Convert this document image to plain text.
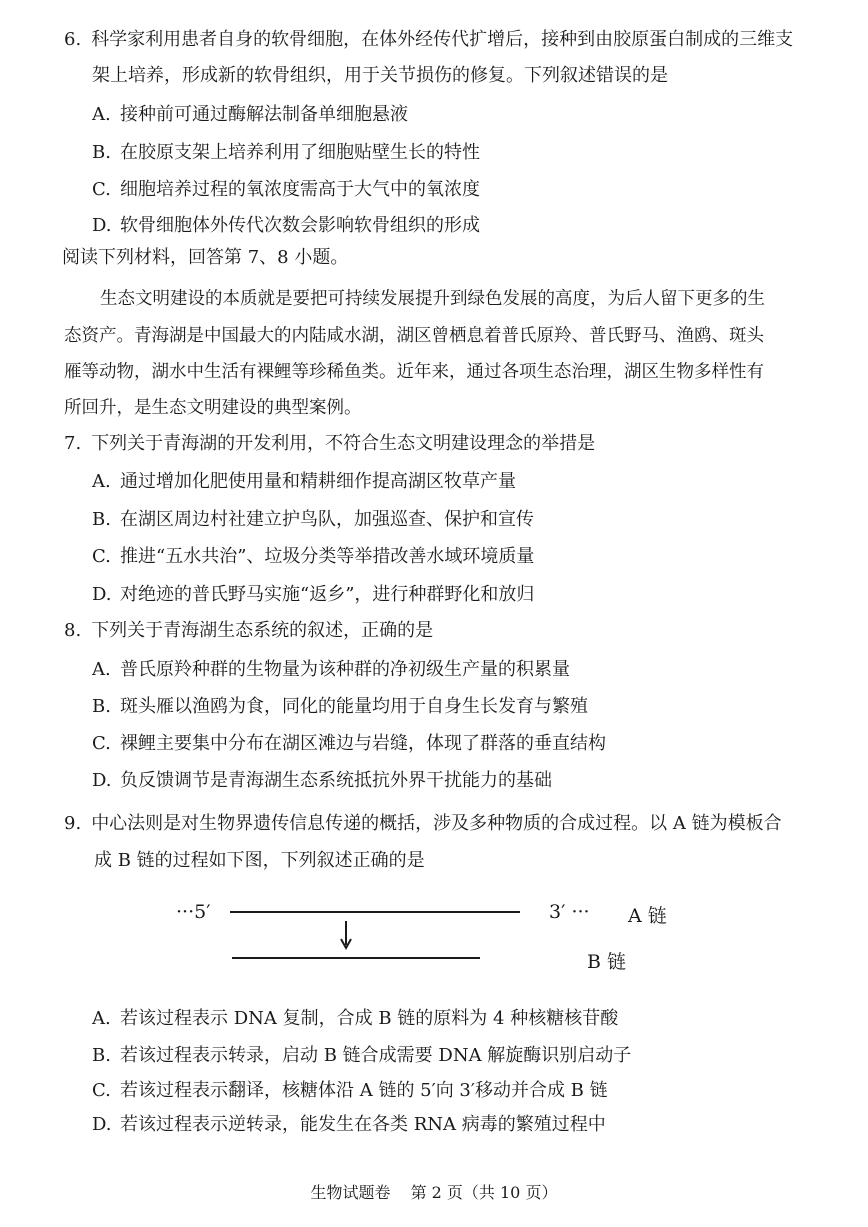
6. 科学家利用患者自身的软骨细胞，在体外经传代扩增后，接种到由胶原蛋白制成的三维支
架上培养，形成新的软骨组织，用于关节损伤的修复。下列叙述错误的是
A. 接种前可通过酶解法制备单细胞悬液
B. 在胶原支架上培养利用了细胞贴壁生长的特性
C. 细胞培养过程的氧浓度需高于大气中的氧浓度
D. 软骨细胞体外传代次数会影响软骨组织的形成
阅读下列材料，回答第 7、8 小题。
生态文明建设的本质就是要把可持续发展提升到绿色发展的高度，为后人留下更多的生
态资产。青海湖是中国最大的内陆咸水湖，湖区曾栖息着普氏原羚、普氏野马、渔鸥、斑头
雁等动物，湖水中生活有裸鲤等珍稀鱼类。近年来，通过各项生态治理，湖区生物多样性有
所回升，是生态文明建设的典型案例。
7. 下列关于青海湖的开发利用，不符合生态文明建设理念的举措是
A. 通过增加化肥使用量和精耕细作提高湖区牧草产量
B. 在湖区周边村社建立护鸟队，加强巡查、保护和宣传
C. 推进“五水共治”、垃圾分类等举措改善水域环境质量
D. 对绝迹的普氏野马实施“返乡”，进行种群野化和放归
8. 下列关于青海湖生态系统的叙述，正确的是
A. 普氏原羚种群的生物量为该种群的净初级生产量的积累量
B. 斑头雁以渔鸥为食，同化的能量均用于自身生长发育与繁殖
C. 裸鲤主要集中分布在湖区滩边与岩缝，体现了群落的垂直结构
D. 负反馈调节是青海湖生态系统抵抗外界干扰能力的基础
9. 中心法则是对生物界遗传信息传递的概括，涉及多种物质的合成过程。以 A 链为模板合
成 B 链的过程如下图，下列叙述正确的是
···5′	3′ ··· A 链
B 链
A. 若该过程表示 DNA 复制，合成 B 链的原料为 4 种核糖核苷酸
B. 若该过程表示转录，启动 B 链合成需要 DNA 解旋酶识别启动子
C. 若该过程表示翻译，核糖体沿 A 链的 5′向 3′移动并合成 B 链
D. 若该过程表示逆转录，能发生在各类 RNA 病毒的繁殖过程中
生物试题卷 第 2 页（共 10 页）
